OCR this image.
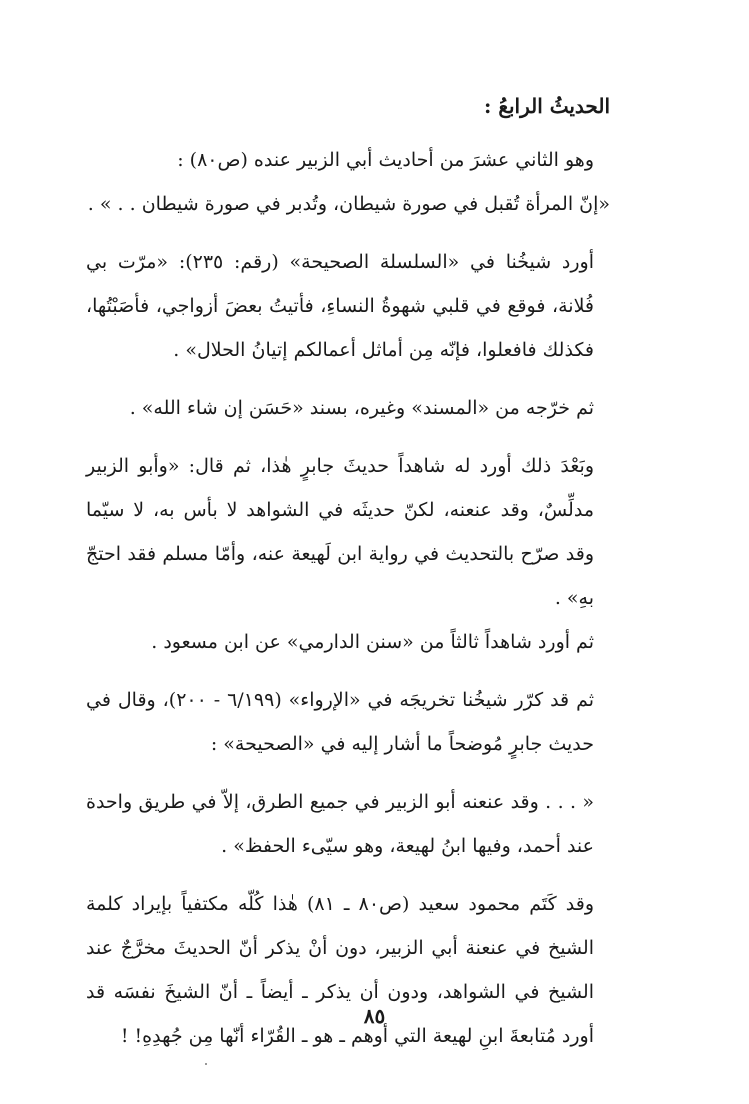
الحديثُ الرابعُ :

وهو الثاني عشرَ من أحاديث أبي الزبير عنده (ص٨٠) :

«إنّ المرأة تُقبل في صورة شيطان، وتُدبر في صورة شيطان . . » .

أورد شيخُنا في «السلسلة الصحيحة» (رقم: ٢٣٥): «مرّت بي فُلانة، فوقع في قلبي شهوةُ النساءِ، فأتيتُ بعضَ أزواجي، فأصَبْتُها، فكذلك فافعلوا، فإنّه مِن أماثل أعمالكم إتيانُ الحلال» .

ثم خرّجه من «المسند» وغيره، بسند «حَسَن إن شاء الله» .

وبَعْدَ ذلك أورد له شاهداً حديثَ جابرٍ هٰذا، ثم قال: «وأبو الزبير مدلِّسٌ، وقد عنعنه، لكنّ حديثَه في الشواهد لا بأس به، لا سيّما وقد صرّح بالتحديث في رواية ابن لَهيعة عنه، وأمّا مسلم فقد احتجّ بهِ» .

ثم أورد شاهداً ثالثاً من «سنن الدارمي» عن ابن مسعود .

ثم قد كرّر شيخُنا تخريجَه في «الإرواء» (٦/١٩٩ - ٢٠٠)، وقال في حديث جابرٍ مُوضحاً ما أشار إليه في «الصحيحة» :

« . . . وقد عنعنه أبو الزبير في جميع الطرق، إلاّ في طريق واحدة عند أحمد، وفيها ابنُ لهيعة، وهو سيّىء الحفظ» .

وقد كَتَم محمود سعيد (ص٨٠ ـ ٨١) هٰذا كُلّه مكتفياً بإيراد كلمة الشيخ في عنعنة أبي الزبير، دون أنْ يذكر أنّ الحديثَ مخرَّجٌ عند الشيخ في الشواهد، ودون أن يذكر ـ أيضاً ـ أنّ الشيخَ نفسَه قد أورد مُتابعةَ ابنِ لهيعة التي أوهم ـ هو ـ القُرّاء أنّها مِن جُهدِهِ! !

٨٥
